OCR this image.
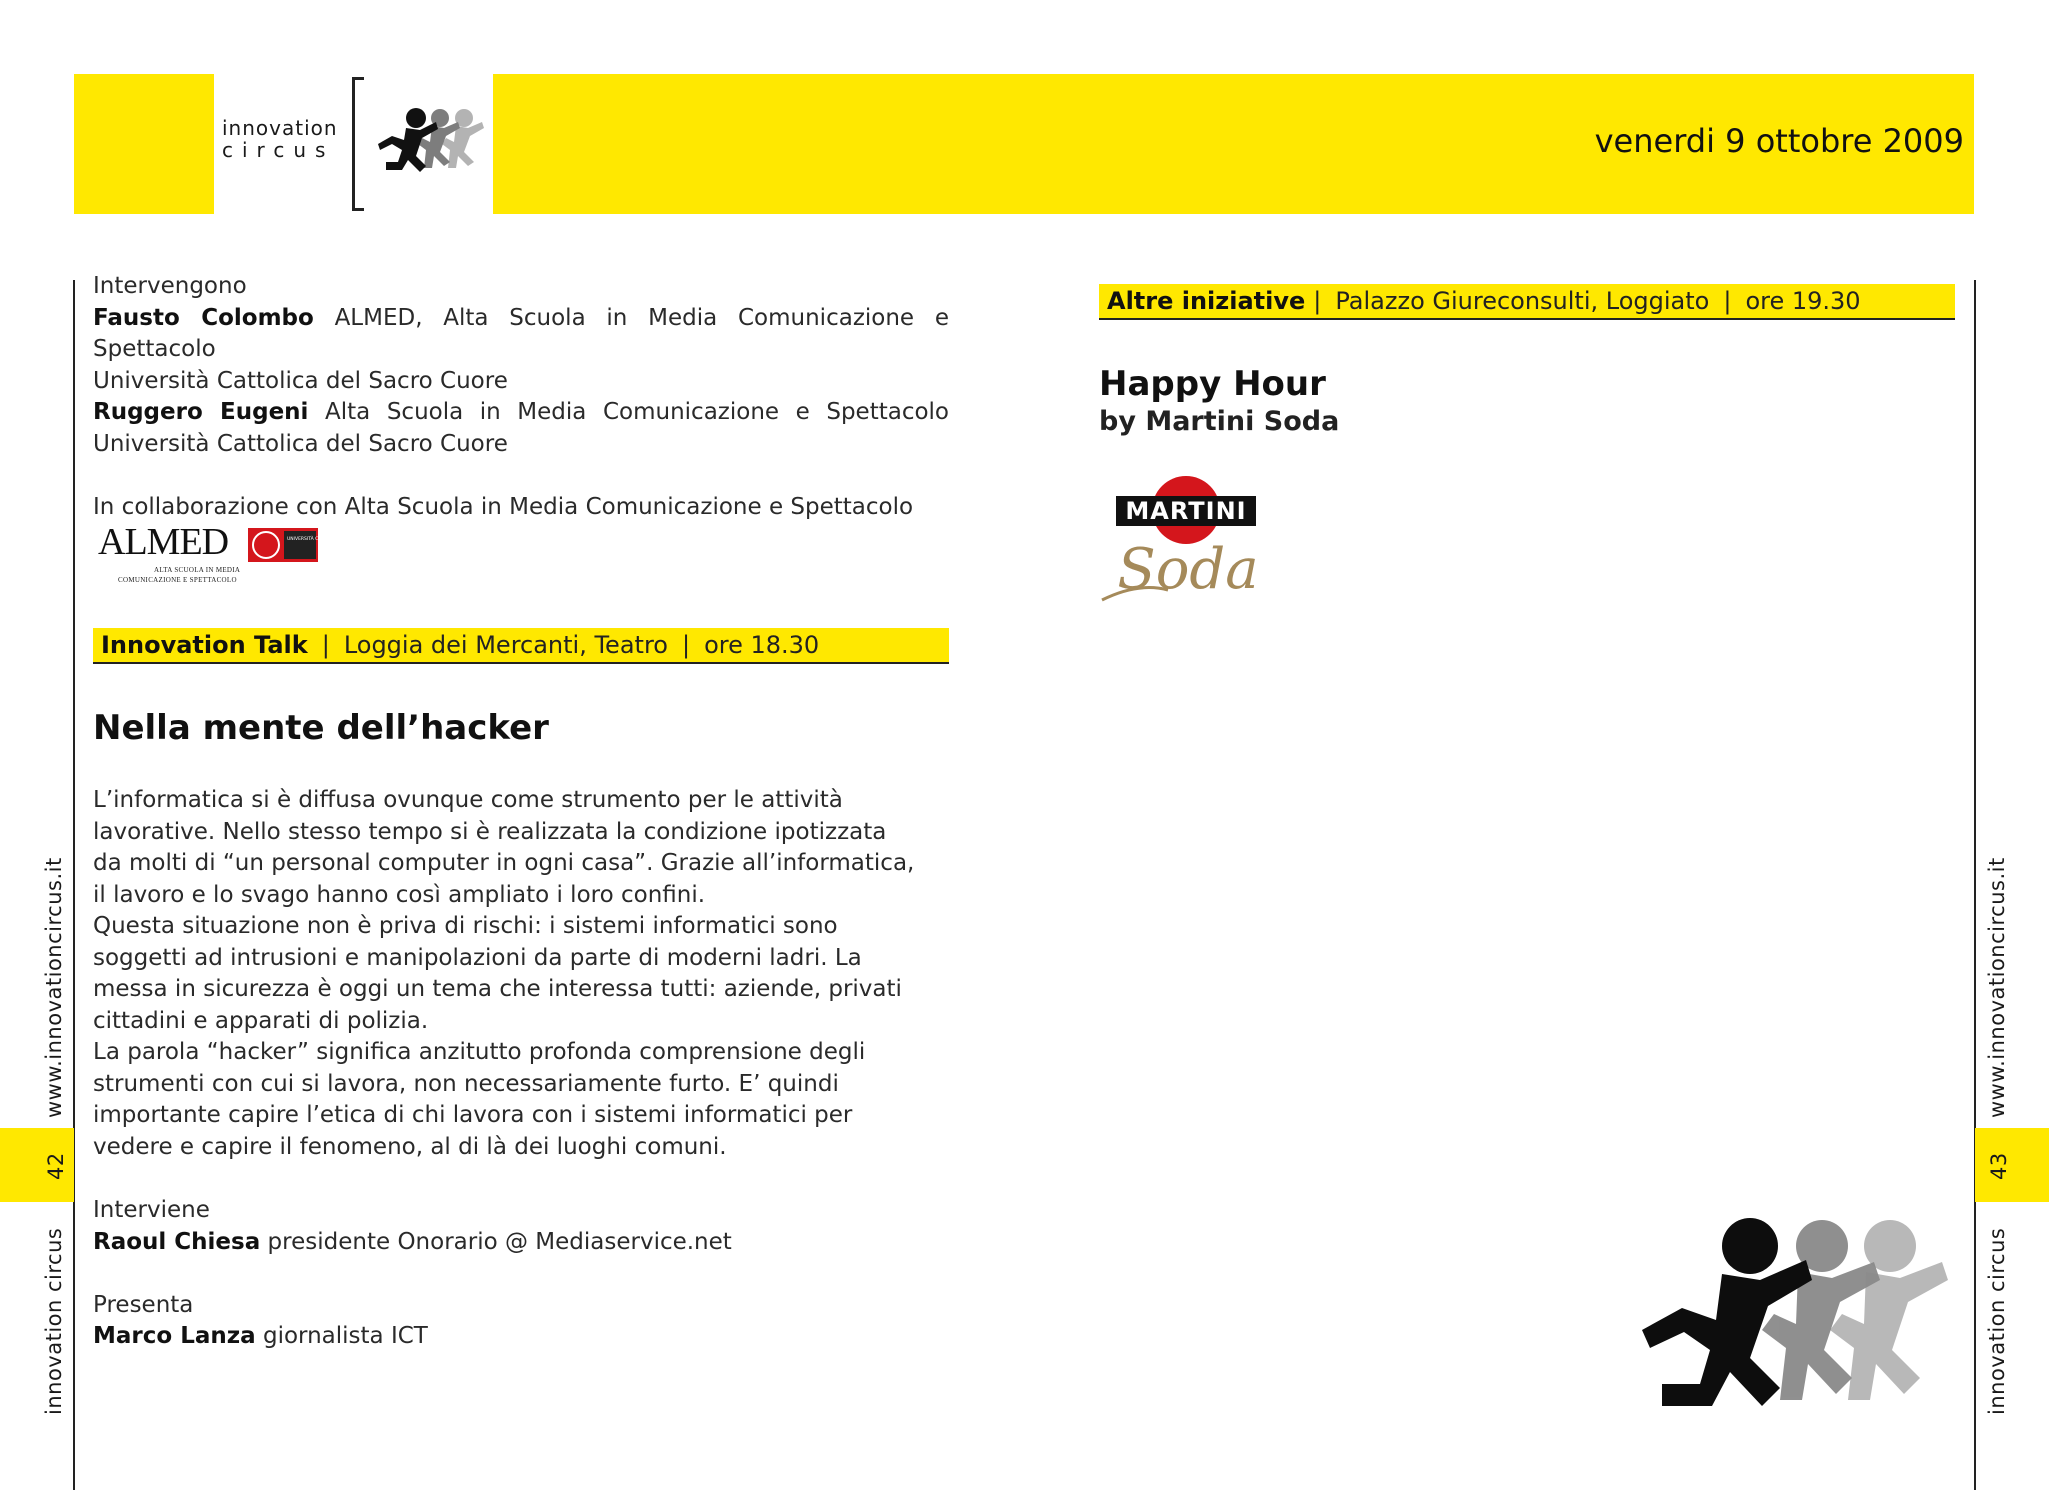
innovation
circus	venerdi 9 ottobre 2009
www.innovationcircus.it
42
innovation circus
www.innovationcircus.it
43
innovation circus

Intervengono

Fausto Colombo ALMED, Alta Scuola in Media Comunicazione e Spettacolo

Università Cattolica del Sacro Cuore

Ruggero Eugeni Alta Scuola in Media Comunicazione e Spettacolo

Università Cattolica del Sacro Cuore

In collaborazione con Alta Scuola in Media Comunicazione e Spettacolo

ALMED	UNIVERSITÀ CATTOLICA DEL SACRO CUORE
ALTA SCUOLA IN MEDIA
COMUNICAZIONE E SPETTACOLO
Innovation Talk | Loggia dei Mercanti, Teatro | ore 18.30
Nella mente dell’hacker

L’informatica si è diffusa ovunque come strumento per le attività

lavorative. Nello stesso tempo si è realizzata la condizione ipotizzata

da molti di “un personal computer in ogni casa”. Grazie all’informatica,

il lavoro e lo svago hanno così ampliato i loro confini.

Questa situazione non è priva di rischi: i sistemi informatici sono

soggetti ad intrusioni e manipolazioni da parte di moderni ladri. La

messa in sicurezza è oggi un tema che interessa tutti: aziende, privati

cittadini e apparati di polizia.

La parola “hacker” significa anzitutto profonda comprensione degli

strumenti con cui si lavora, non necessariamente furto. E’ quindi

importante capire l’etica di chi lavora con i sistemi informatici per

vedere e capire il fenomeno, al di là dei luoghi comuni.

Interviene

Raoul Chiesa presidente Onorario @ Mediaservice.net

Presenta

Marco Lanza giornalista ICT

Altre iniziative | Palazzo Giureconsulti, Loggiato | ore 19.30
Happy Hour
by Martini Soda
MARTINI
Soda
